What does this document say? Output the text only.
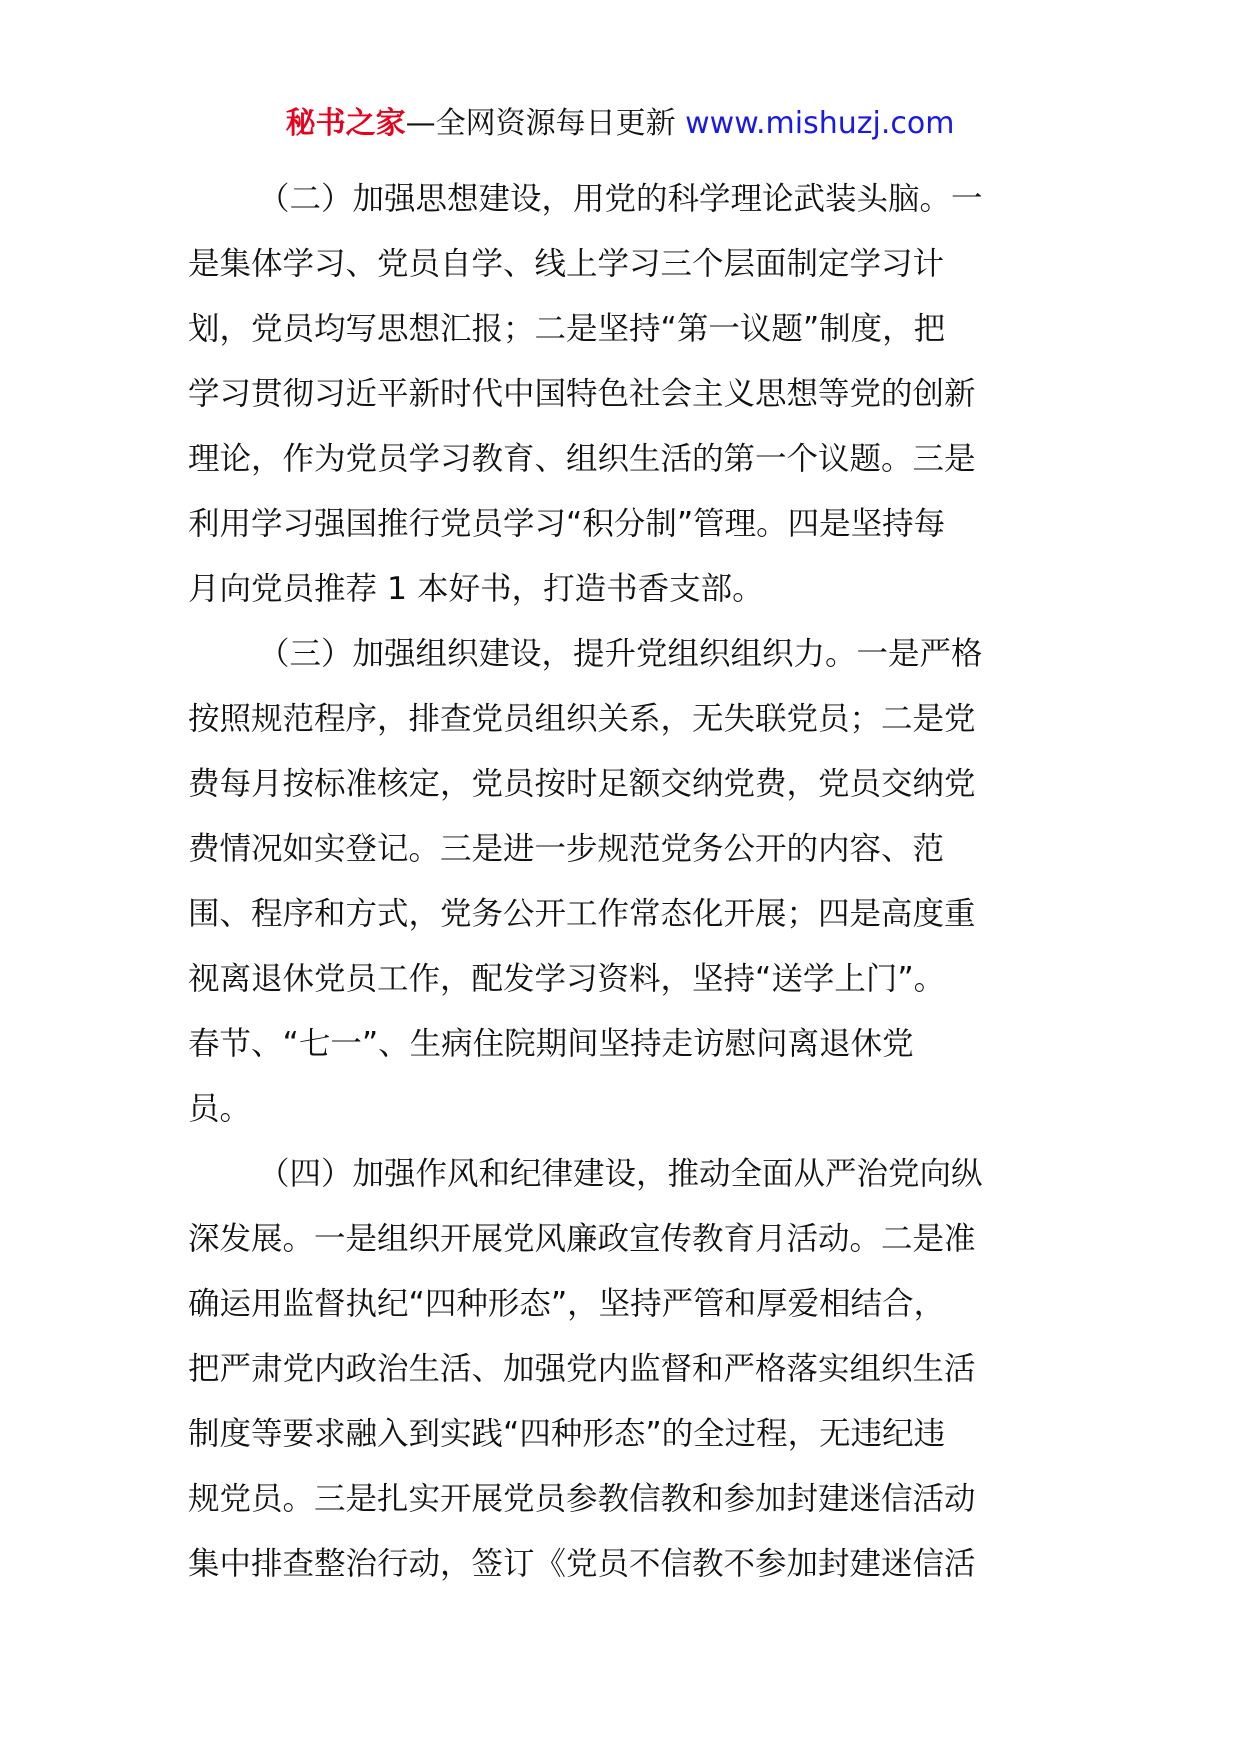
秘书之家—全网资源每日更新 www.mishuzj.com
（二）加强思想建设，用党的科学理论武装头脑。一
是集体学习、党员自学、线上学习三个层面制定学习计
划，党员均写思想汇报；二是坚持“第一议题”制度，把
学习贯彻习近平新时代中国特色社会主义思想等党的创新
理论，作为党员学习教育、组织生活的第一个议题。三是
利用学习强国推行党员学习“积分制”管理。四是坚持每
月向党员推荐 1 本好书，打造书香支部。
（三）加强组织建设，提升党组织组织力。一是严格
按照规范程序，排查党员组织关系，无失联党员；二是党
费每月按标准核定，党员按时足额交纳党费，党员交纳党
费情况如实登记。三是进一步规范党务公开的内容、范
围、程序和方式，党务公开工作常态化开展；四是高度重
视离退休党员工作，配发学习资料，坚持“送学上门”。
春节、“七一”、生病住院期间坚持走访慰问离退休党
员。
（四）加强作风和纪律建设，推动全面从严治党向纵
深发展。一是组织开展党风廉政宣传教育月活动。二是准
确运用监督执纪“四种形态”，坚持严管和厚爱相结合，
把严肃党内政治生活、加强党内监督和严格落实组织生活
制度等要求融入到实践“四种形态”的全过程，无违纪违
规党员。三是扎实开展党员参教信教和参加封建迷信活动
集中排查整治行动，签订《党员不信教不参加封建迷信活
